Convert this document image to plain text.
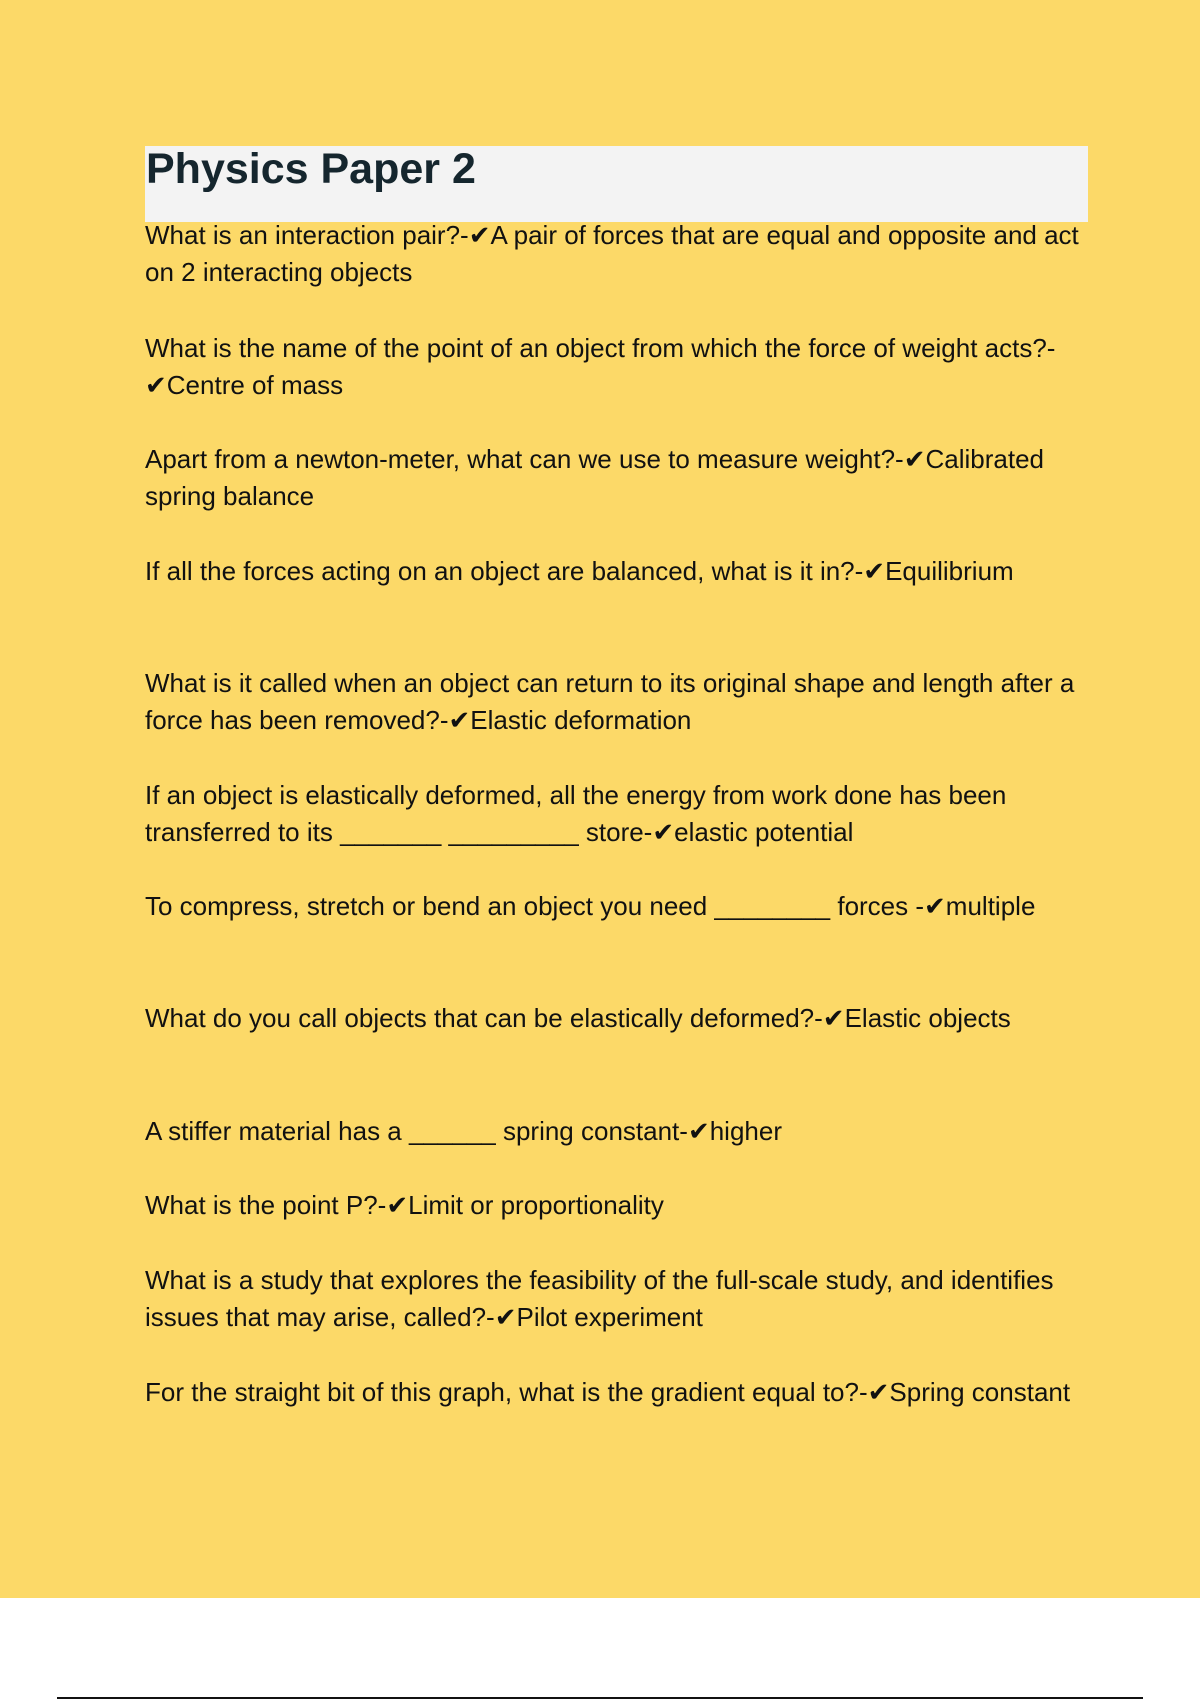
Physics Paper 2

What is an interaction pair?-✔A pair of forces that are equal and opposite and act on 2 interacting objects

What is the name of the point of an object from which the force of weight acts?-✔Centre of mass

Apart from a newton-meter, what can we use to measure weight?-✔Calibrated spring balance

If all the forces acting on an object are balanced, what is it in?-✔Equilibrium

What is it called when an object can return to its original shape and length after a force has been removed?-✔Elastic deformation

If an object is elastically deformed, all the energy from work done has been transferred to its _______ _________ store-✔elastic potential

To compress, stretch or bend an object you need ________ forces -✔multiple

What do you call objects that can be elastically deformed?-✔Elastic objects

A stiffer material has a ______ spring constant-✔higher

What is the point P?-✔Limit or proportionality

What is a study that explores the feasibility of the full-scale study, and identifies issues that may arise, called?-✔Pilot experiment

For the straight bit of this graph, what is the gradient equal to?-✔Spring constant
